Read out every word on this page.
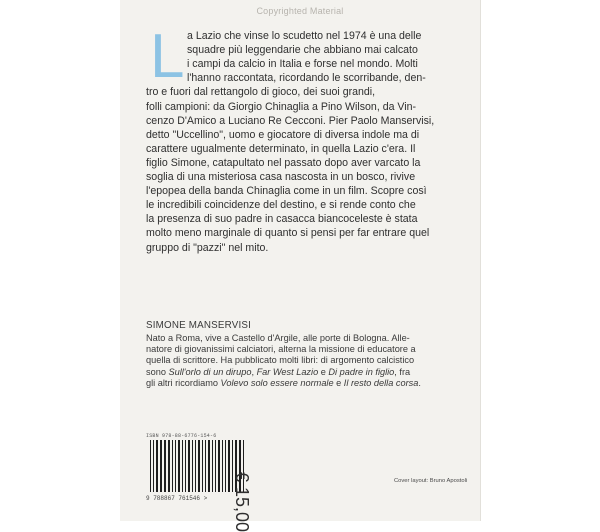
Copyrighted Material
L a Lazio che vinse lo scudetto nel 1974 è una delle
squadre più leggendarie che abbiano mai calcato
i campi da calcio in Italia e forse nel mondo. Molti
l'hanno raccontata, ricordando le scorribande, den-
tro e fuori dal rettangolo di gioco, dei suoi grandi,
folli campioni: da Giorgio Chinaglia a Pino Wilson, da Vin-
cenzo D'Amico a Luciano Re Cecconi. Pier Paolo Manservisi,
detto "Uccellino", uomo e giocatore di diversa indole ma di
carattere ugualmente determinato, in quella Lazio c'era. Il
figlio Simone, catapultato nel passato dopo aver varcato la
soglia di una misteriosa casa nascosta in un bosco, rivive
l'epopea della banda Chinaglia come in un film. Scopre così
le incredibili coincidenze del destino, e si rende conto che
la presenza di suo padre in casacca biancoceleste è stata
molto meno marginale di quanto si pensi per far entrare quel
gruppo di "pazzi" nel mito.
SIMONE MANSERVISI
Nato a Roma, vive a Castello d'Argile, alle porte di Bologna. Alle-
natore di giovanissimi calciatori, alterna la missione di educatore a
quella di scrittore. Ha pubblicato molti libri: di argomento calcistico
sono Sull'orlo di un dirupo, Far West Lazio e Di padre in figlio, fra
gli altri ricordiamo Volevo solo essere normale e Il resto della corsa.
ISBN 978-88-6776-154-6
9 788867 761546 > € 15,00	Cover layout: Bruno Apostoli
